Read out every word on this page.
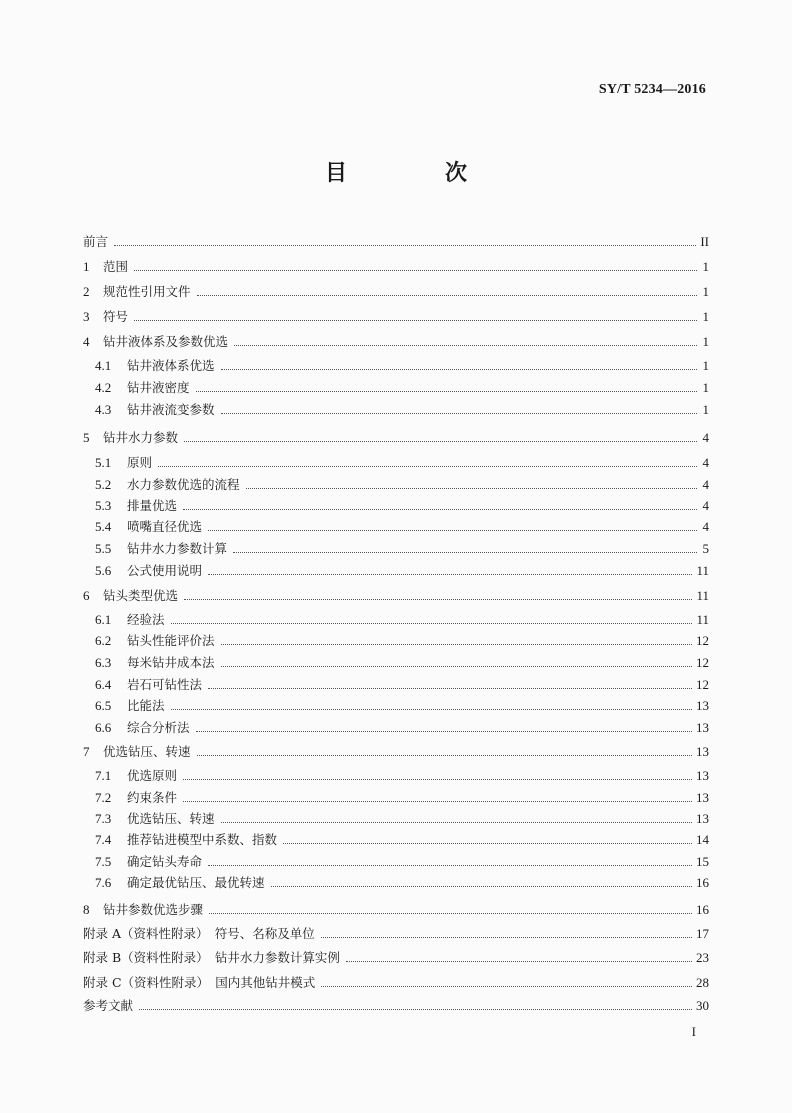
SY/T 5234—2016
目　次
前言	II
1	范围	1
2	规范性引用文件	1
3	符号	1
4	钻井液体系及参数优选	1
4.1	钻井液体系优选	1
4.2	钻井液密度	1
4.3	钻井液流变参数	1
5	钻井水力参数	4
5.1	原则	4
5.2	水力参数优选的流程	4
5.3	排量优选	4
5.4	喷嘴直径优选	4
5.5	钻井水力参数计算	5
5.6	公式使用说明	11
6	钻头类型优选	11
6.1	经验法	11
6.2	钻头性能评价法	12
6.3	每米钻井成本法	12
6.4	岩石可钻性法	12
6.5	比能法	13
6.6	综合分析法	13
7	优选钻压、转速	13
7.1	优选原则	13
7.2	约束条件	13
7.3	优选钻压、转速	13
7.4	推荐钻进模型中系数、指数	14
7.5	确定钻头寿命	15
7.6	确定最优钻压、最优转速	16
8	钻井参数优选步骤	16
附录 A（资料性附录）　符号、名称及单位	17
附录 B（资料性附录）　钻井水力参数计算实例	23
附录 C（资料性附录）　国内其他钻井模式	28
参考文献	30
I
